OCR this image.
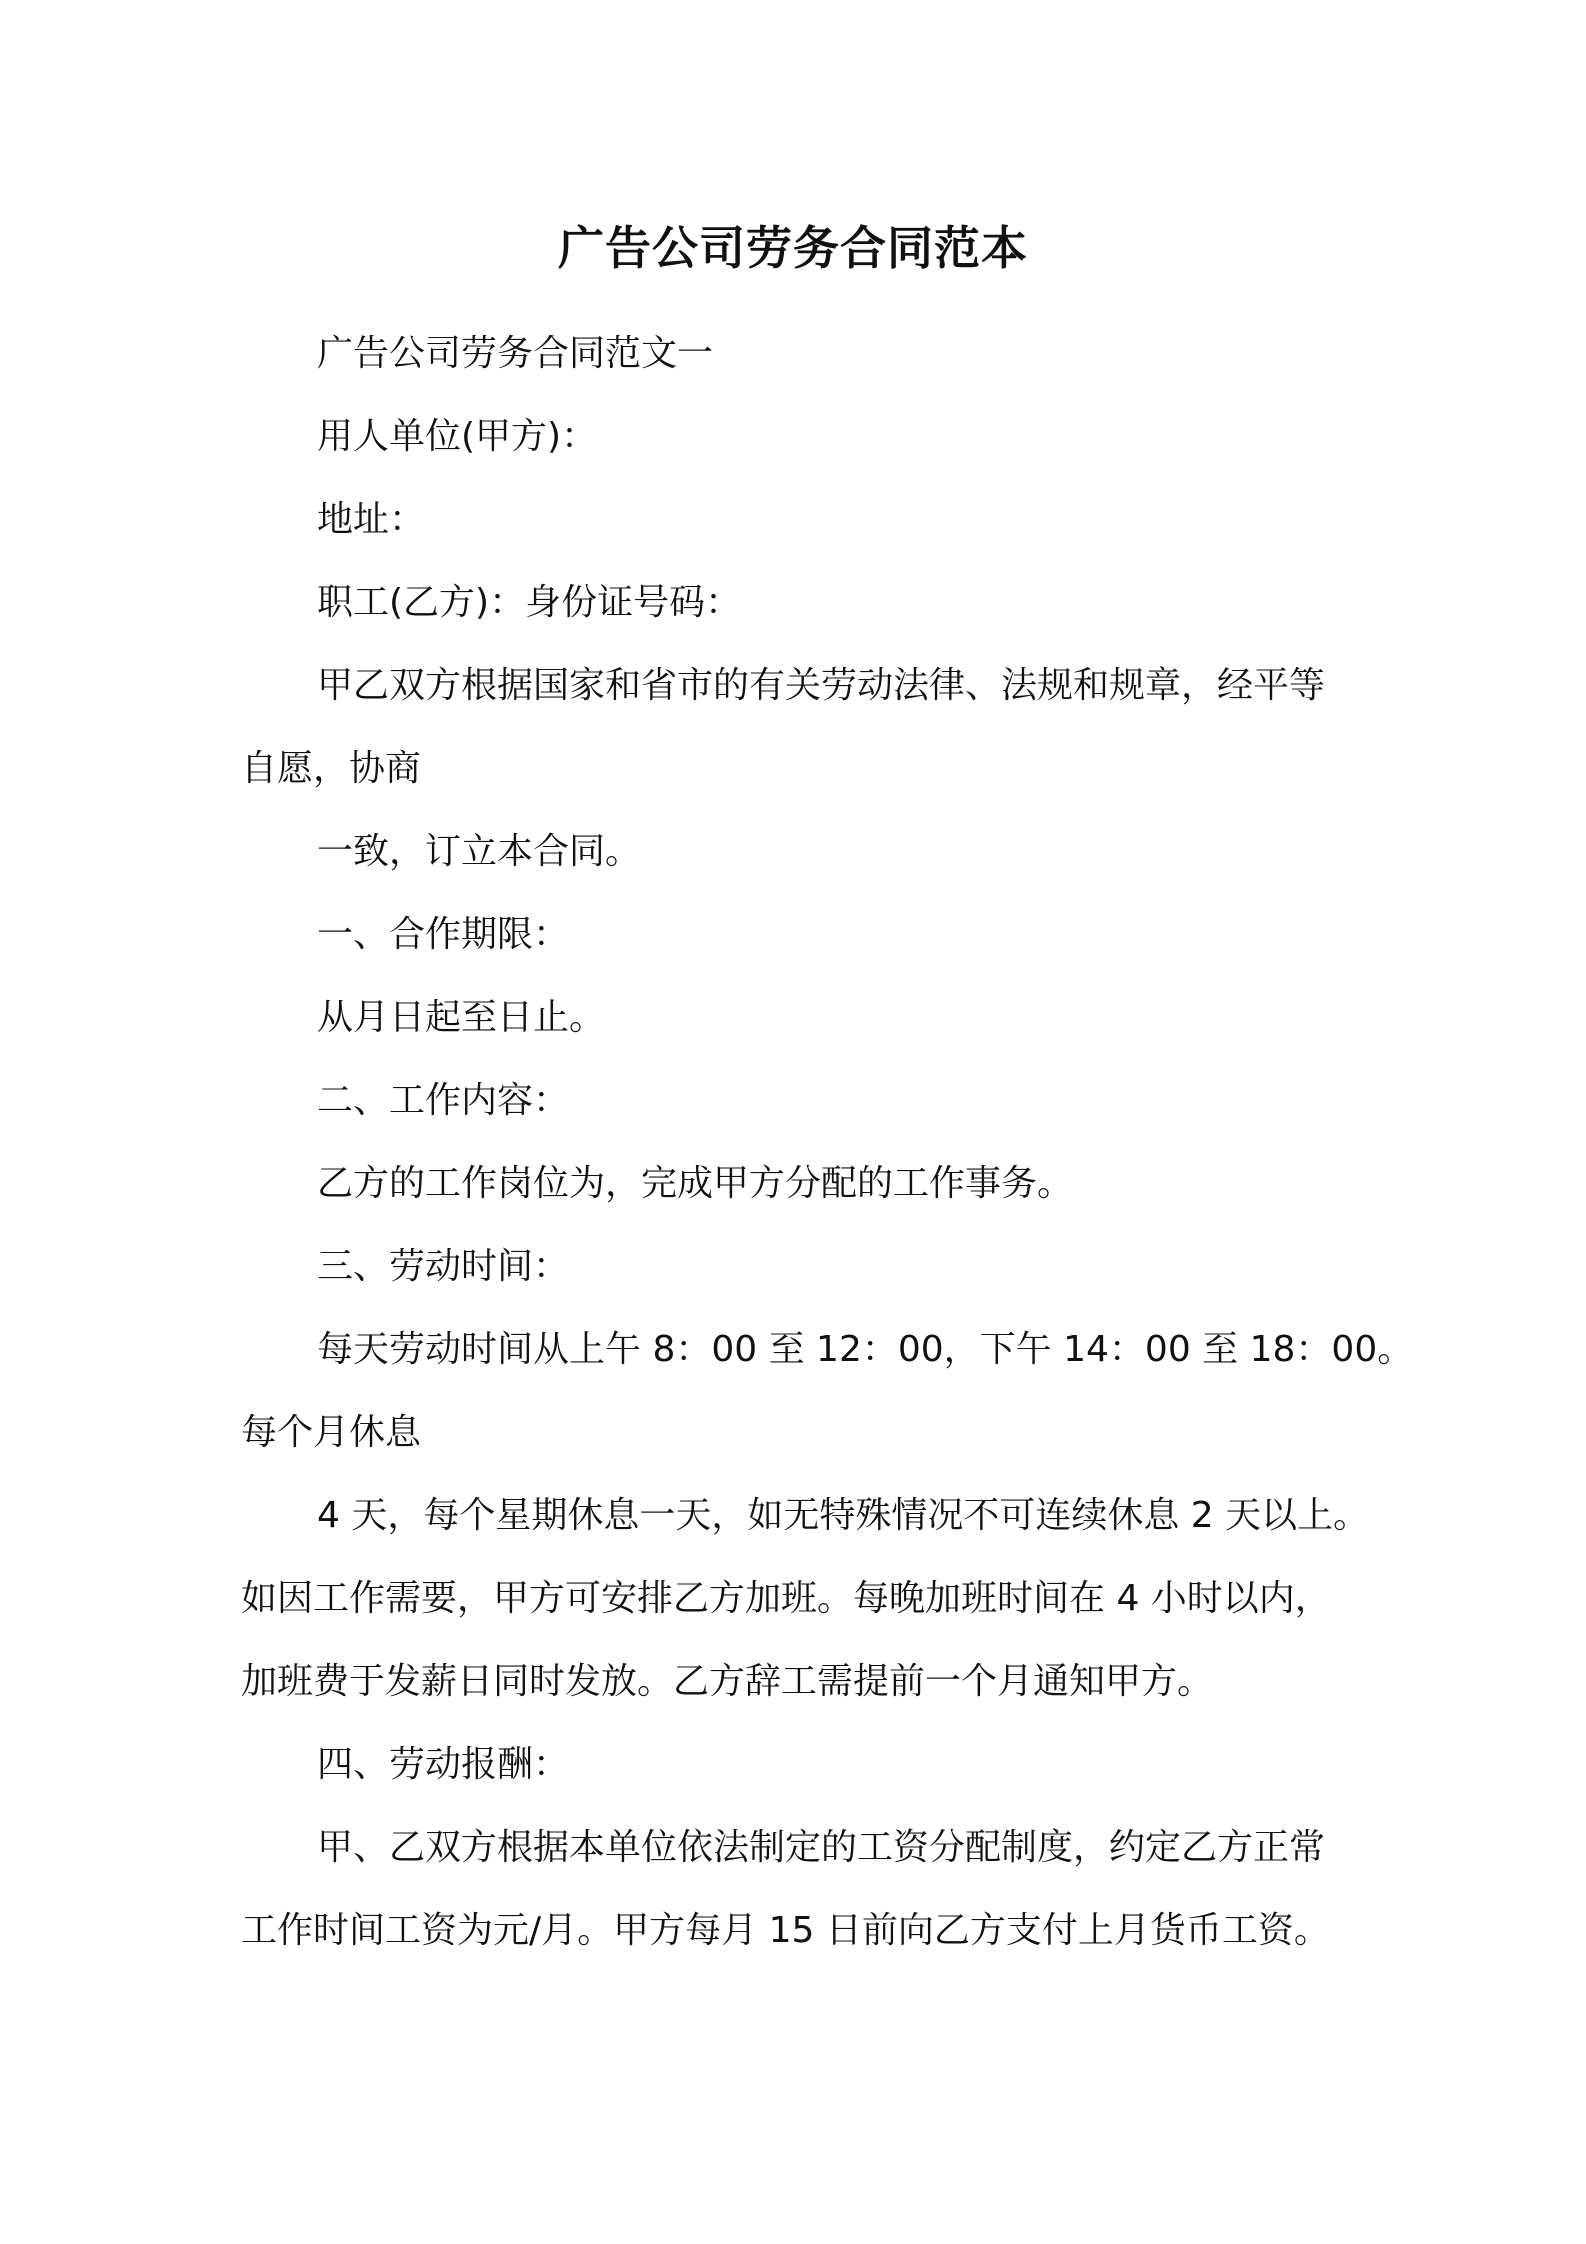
广告公司劳务合同范本

广告公司劳务合同范文一

用人单位(甲方)：

地址：

职工(乙方)：身份证号码：

甲乙双方根据国家和省市的有关劳动法律、法规和规章，经平等

自愿，协商

一致，订立本合同。

一、合作期限：

从月日起至日止。

二、工作内容：

乙方的工作岗位为，完成甲方分配的工作事务。

三、劳动时间：

每天劳动时间从上午 8：00 至 12：00，下午 14：00 至 18：00。

每个月休息

4 天，每个星期休息一天，如无特殊情况不可连续休息 2 天以上。

如因工作需要，甲方可安排乙方加班。每晚加班时间在 4 小时以内，

加班费于发薪日同时发放。乙方辞工需提前一个月通知甲方。

四、劳动报酬：

甲、乙双方根据本单位依法制定的工资分配制度，约定乙方正常

工作时间工资为元/月。甲方每月 15 日前向乙方支付上月货币工资。
